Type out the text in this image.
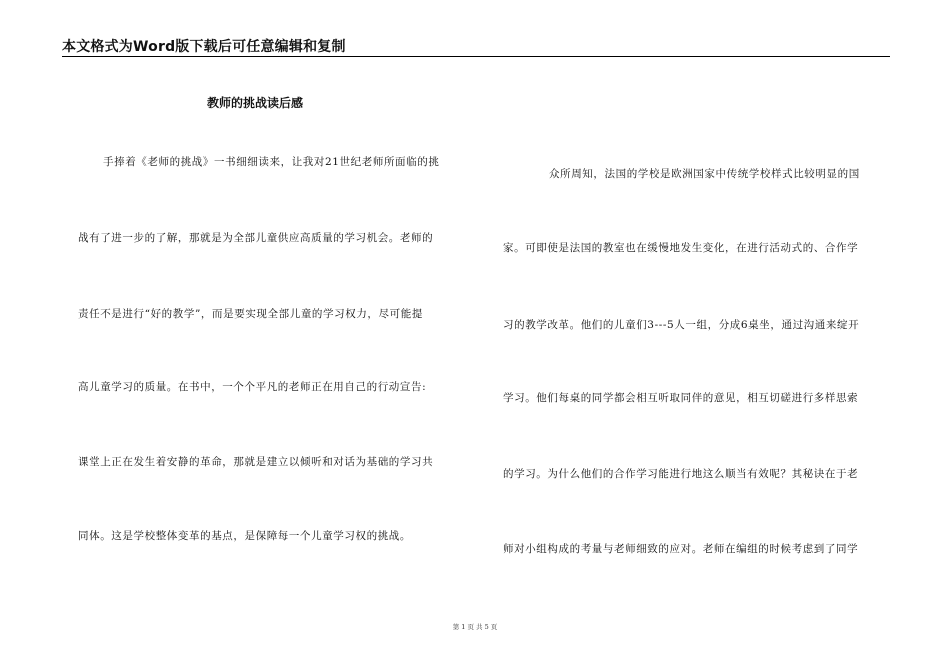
本文格式为Word版下载后可任意编辑和复制
教师的挑战读后感
手捧着《老师的挑战》一书细细读来，让我对21世纪老师所面临的挑
战有了进一步的了解，那就是为全部儿童供应高质量的学习机会。老师的
责任不是进行“好的教学”，而是要实现全部儿童的学习权力，尽可能提
高儿童学习的质量。在书中，一个个平凡的老师正在用自己的行动宣告:
课堂上正在发生着安静的革命，那就是建立以倾听和对话为基础的学习共
同体。这是学校整体变革的基点，是保障每一个儿童学习权的挑战。
众所周知，法国的学校是欧洲国家中传统学校样式比较明显的国
家。可即使是法国的教室也在缓慢地发生变化，在进行活动式的、合作学
习的教学改革。他们的儿童们3---5人一组，分成6桌坐，通过沟通来绽开
学习。他们每桌的同学都会相互听取同伴的意见，相互切磋进行多样思索
的学习。为什么他们的合作学习能进行地这么顺当有效呢？其秘诀在于老
师对小组构成的考量与老师细致的应对。老师在编组的时候考虑到了同学
第 1 页 共 5 页
